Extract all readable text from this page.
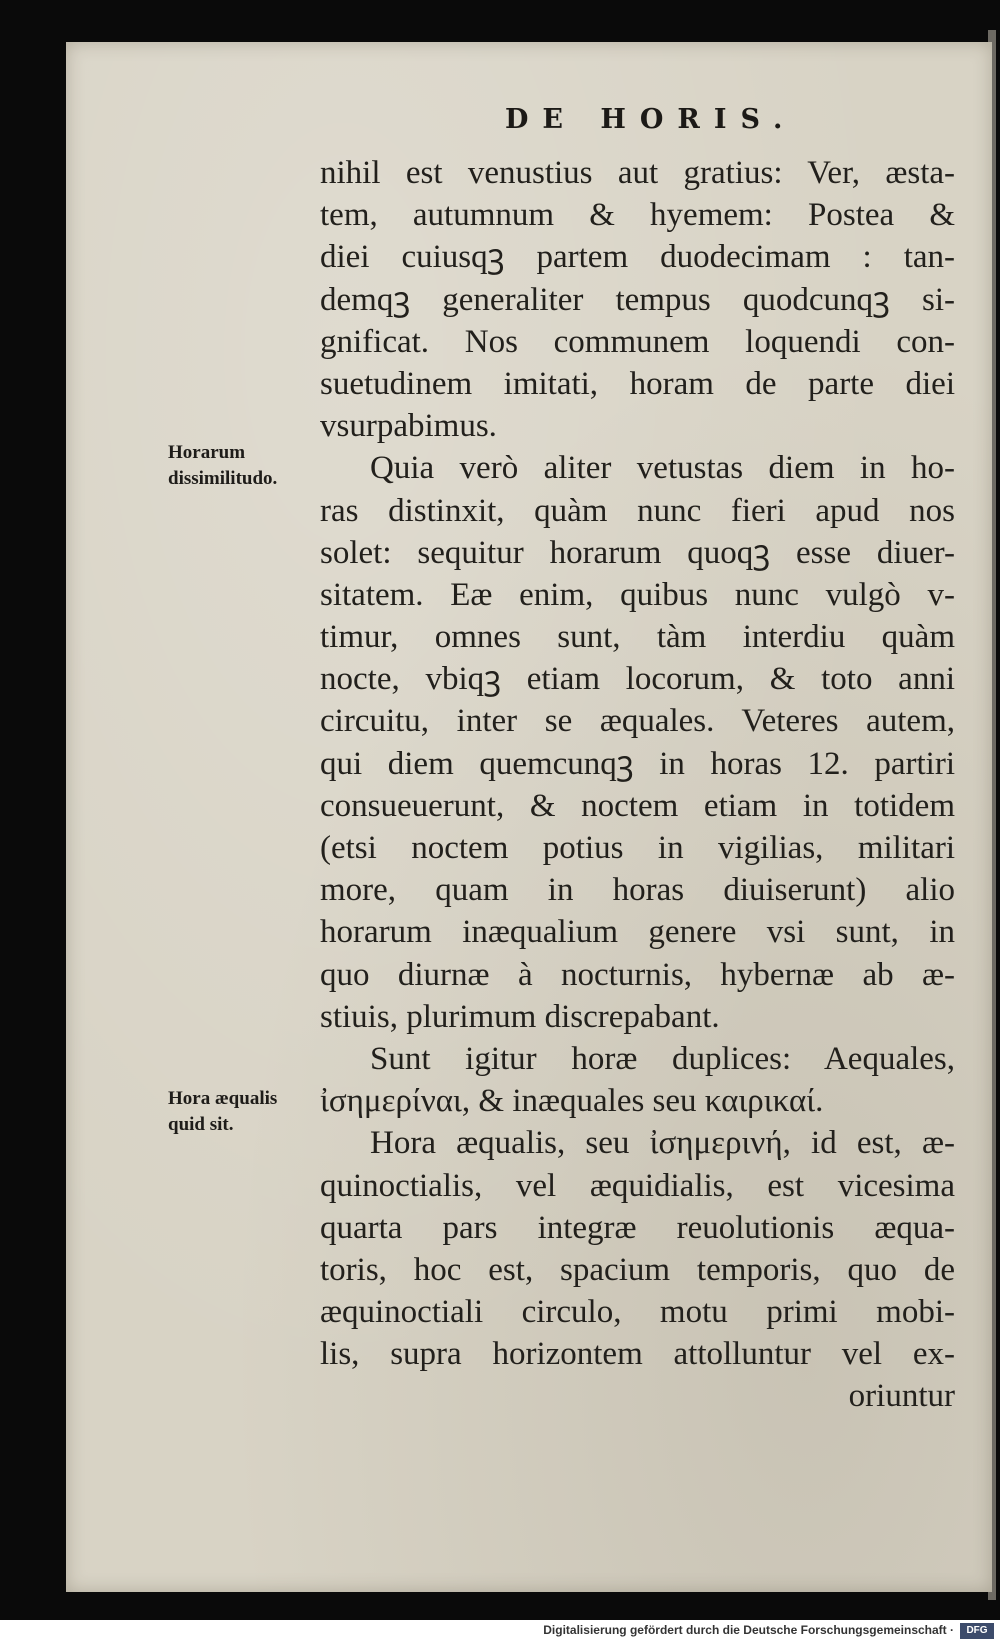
DE HORIS.
Horarum
dissimilitudo.
Hora æqualis
quid sit.
nihil est venustius aut gratius: Ver, æsta-
tem, autumnum & hyemem: Postea &
diei cuiusqꝫ partem duodecimam : tan-
demqꝫ generaliter tempus quodcunqꝫ si-
gnificat. Nos communem loquendi con-
suetudinem imitati, horam de parte diei
vsurpabimus.
Quia verò aliter vetustas diem in ho-
ras distinxit, quàm nunc fieri apud nos
solet: sequitur horarum quoqꝫ esse diuer-
sitatem. Eæ enim, quibus nunc vulgò v-
timur, omnes sunt, tàm interdiu quàm
nocte, vbiqꝫ etiam locorum, & toto anni
circuitu, inter se æquales. Veteres autem,
qui diem quemcunqꝫ in horas 12. partiri
consueuerunt, & noctem etiam in totidem
(etsi noctem potius in vigilias, militari
more, quam in horas diuiserunt) alio
horarum inæqualium genere vsi sunt, in
quo diurnæ à nocturnis, hybernæ ab æ-
stiuis, plurimum discrepabant.
Sunt igitur horæ duplices: Aequales,
ἰσημερίναι, & inæquales seu καιρικαί.
Hora æqualis, seu ἰσημερινή, id est, æ-
quinoctialis, vel æquidialis, est vicesima
quarta pars integræ reuolutionis æqua-
toris, hoc est, spacium temporis, quo de
æquinoctiali circulo, motu primi mobi-
lis, supra horizontem attolluntur vel ex-
oriuntur
Digitalisierung gefördert durch die Deutsche Forschungsgemeinschaft ·	DFG
